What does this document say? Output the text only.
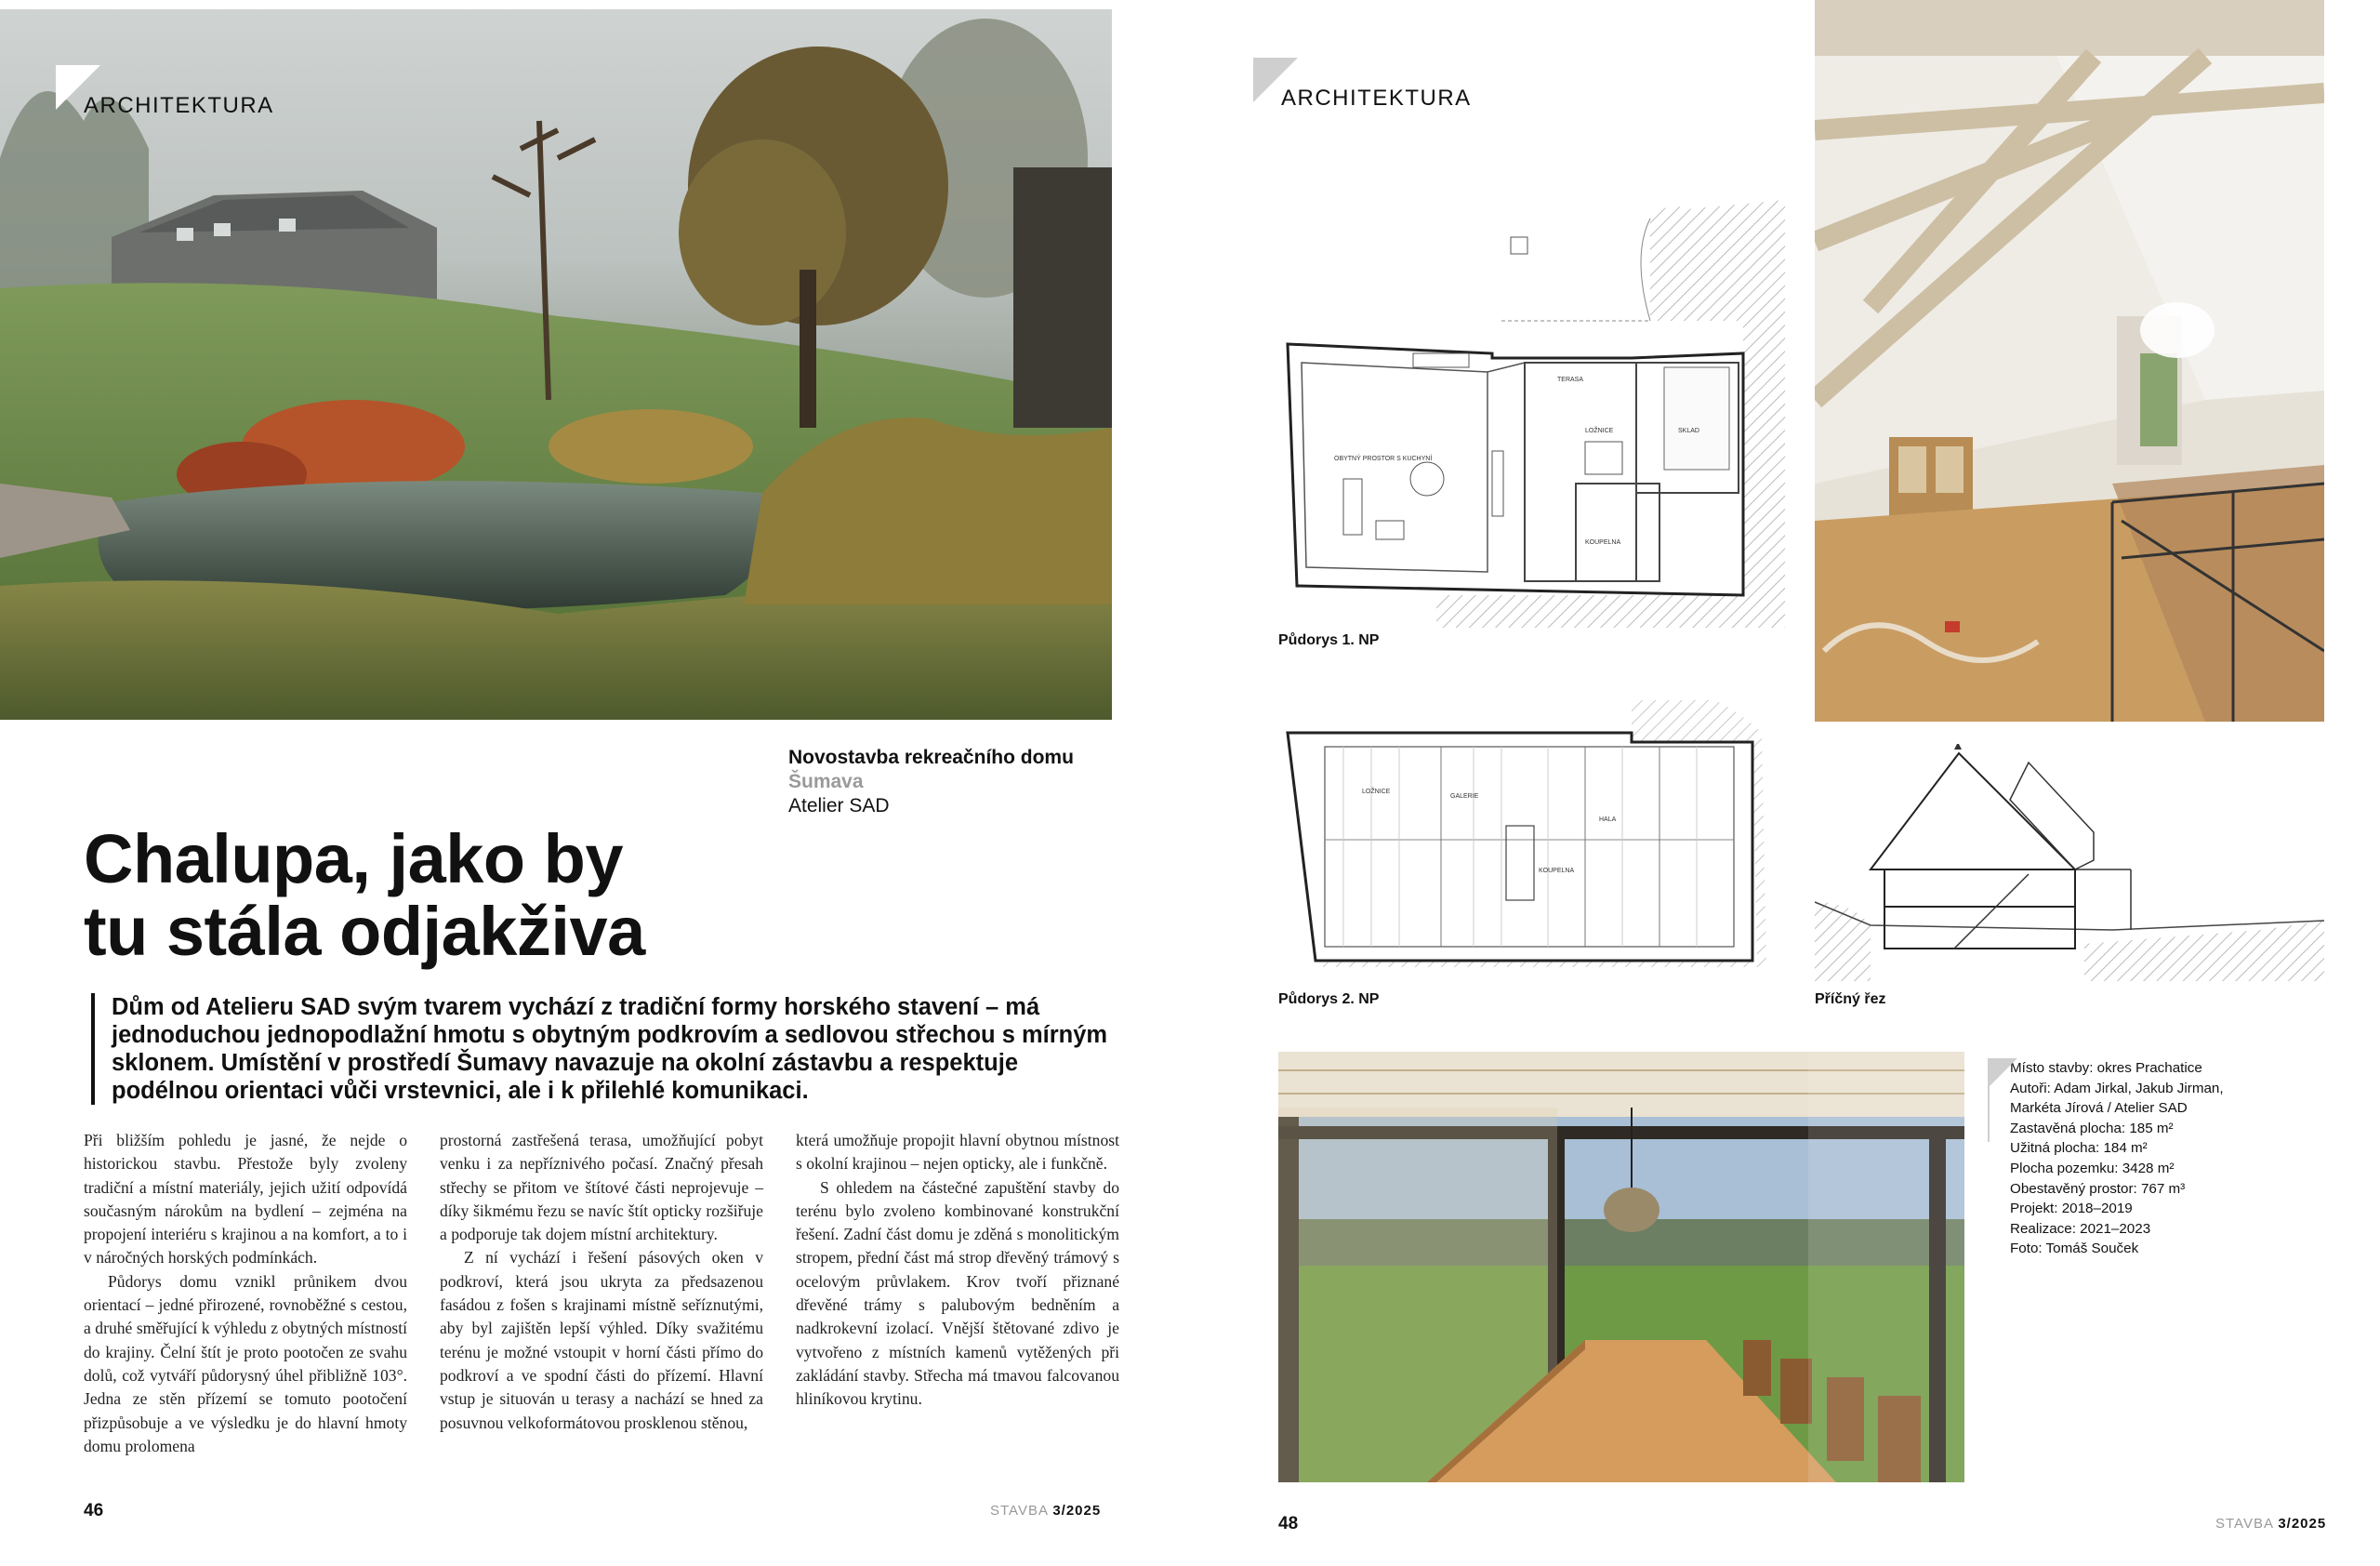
ARCHITEKTURA
Novostavba rekreačního domu
Šumava
Atelier SAD
Chalupa, jako by
tu stála odjakživa
Dům od Atelieru SAD svým tvarem vychází z tradiční formy horského stavení – má jednoduchou jednopodlažní hmotu s obytným podkrovím a sedlovou střechou s mírným sklonem. Umístění v prostředí Šumavy navazuje na okolní zástavbu a respektuje podélnou orientaci vůči vrstevnici, ale i k přilehlé komunikaci.

Při bližším pohledu je jasné, že nejde o historickou stavbu. Přestože byly zvoleny tradiční a místní materiály, jejich užití odpovídá současným nárokům na bydlení – zejména na propojení interiéru s krajinou a na komfort, a to i v náročných horských podmínkách.

Půdorys domu vznikl průnikem dvou orientací – jedné přirozené, rovnoběžné s cestou, a druhé směřující k výhledu z obytných místností do krajiny. Čelní štít je proto pootočen ze svahu dolů, což vytváří půdorysný úhel přibližně 103°. Jedna ze stěn přízemí se tomuto pootočení přizpůsobuje a ve výsledku je do hlavní hmoty domu prolomena

prostorná zastřešená terasa, umožňující pobyt venku i za nepříznivého počasí. Značný přesah střechy se přitom ve štítové části neprojevuje – díky šikmému řezu se navíc štít opticky rozšiřuje a podporuje tak dojem místní architektury.

Z ní vychází i řešení pásových oken v podkroví, která jsou ukryta za předsazenou fasádou z fošen s krajinami místně seříznutými, aby byl zajištěn lepší výhled. Díky svažitému terénu je možné vstoupit v horní části přímo do podkroví a ve spodní části do přízemí. Hlavní vstup je situován u terasy a nachází se hned za posuvnou velkoformátovou prosklenou stěnou,

která umožňuje propojit hlavní obytnou místnost s okolní krajinou – nejen opticky, ale i funkčně.

S ohledem na částečné zapuštění stavby do terénu bylo zvoleno kombinované konstrukční řešení. Zadní část domu je zděná s monolitickým stropem, přední část má strop dřevěný trámový s ocelovým průvlakem. Krov tvoří přiznané dřevěné trámy s palubovým bedněním a nadkrokevní izolací. Vnější štětované zdivo je vytvořeno z místních kamenů vytěžených při zakládání stavby. Střecha má tmavou falcovanou hliníkovou krytinu.

46	STAVBA 3/2025
ARCHITEKTURA
OBYTNÝ PROSTOR S KUCHYNÍ
TERASA
LOŽNICE	SKLAD
KOUPELNA
Půdorys 1. NP
LOŽNICE
GALERIE
KOUPELNA
HALA
Půdorys 2. NP	Příčný řez
Místo stavby: okres Prachatice
Autoři: Adam Jirkal, Jakub Jirman,
Markéta Jírová / Atelier SAD
Zastavěná plocha: 185 m²
Užitná plocha: 184 m²
Plocha pozemku: 3428 m²
Obestavěný prostor: 767 m³
Projekt: 2018–2019
Realizace: 2021–2023
Foto: Tomáš Souček
48	STAVBA 3/2025
